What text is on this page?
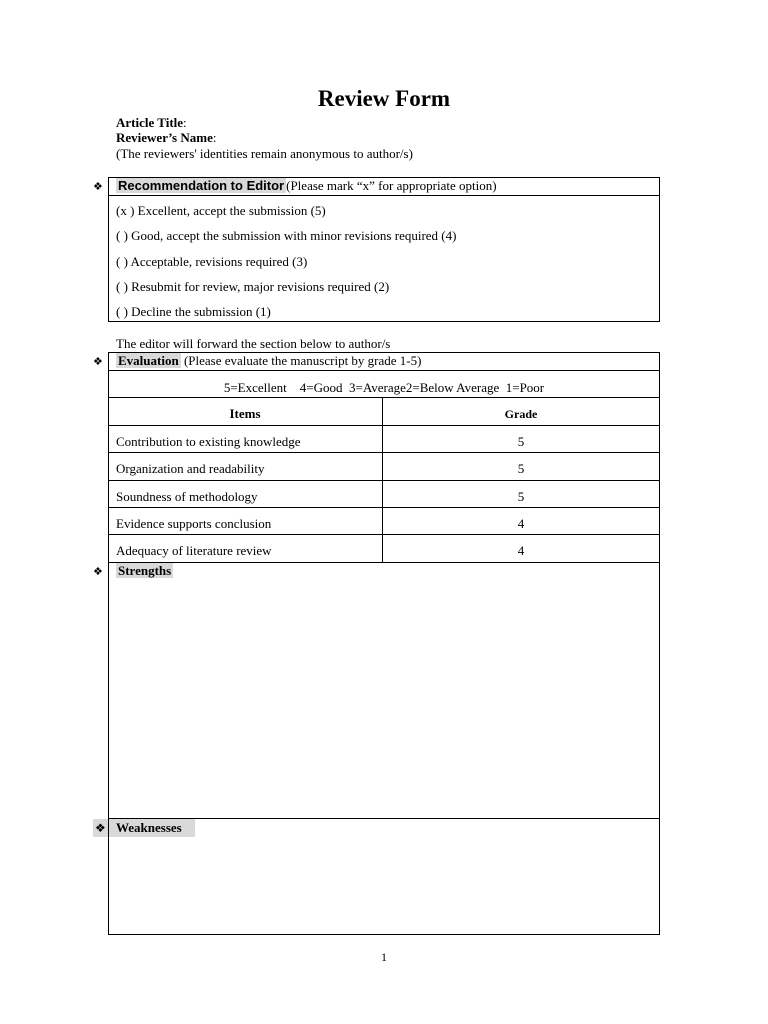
Review Form
Article Title:
Reviewer’s Name:
(The reviewers' identities remain anonymous to author/s)
❖ Recommendation to Editor (Please mark “x” for appropriate option)
(x ) Excellent, accept the submission (5)
( ) Good, accept the submission with minor revisions required (4)
( ) Acceptable, revisions required (3)
( ) Resubmit for review, major revisions required (2)
( ) Decline the submission (1)
The editor will forward the section below to author/s
❖ Evaluation (Please evaluate the manuscript by grade 1-5)
5=Excellent    4=Good  3=Average2=Below Average  1=Poor
Items	Grade
Contribution to existing knowledge	5
Organization and readability	5
Soundness of methodology	5
Evidence supports conclusion	4
Adequacy of literature review	4
❖ Strengths
❖ Weaknesses
1
